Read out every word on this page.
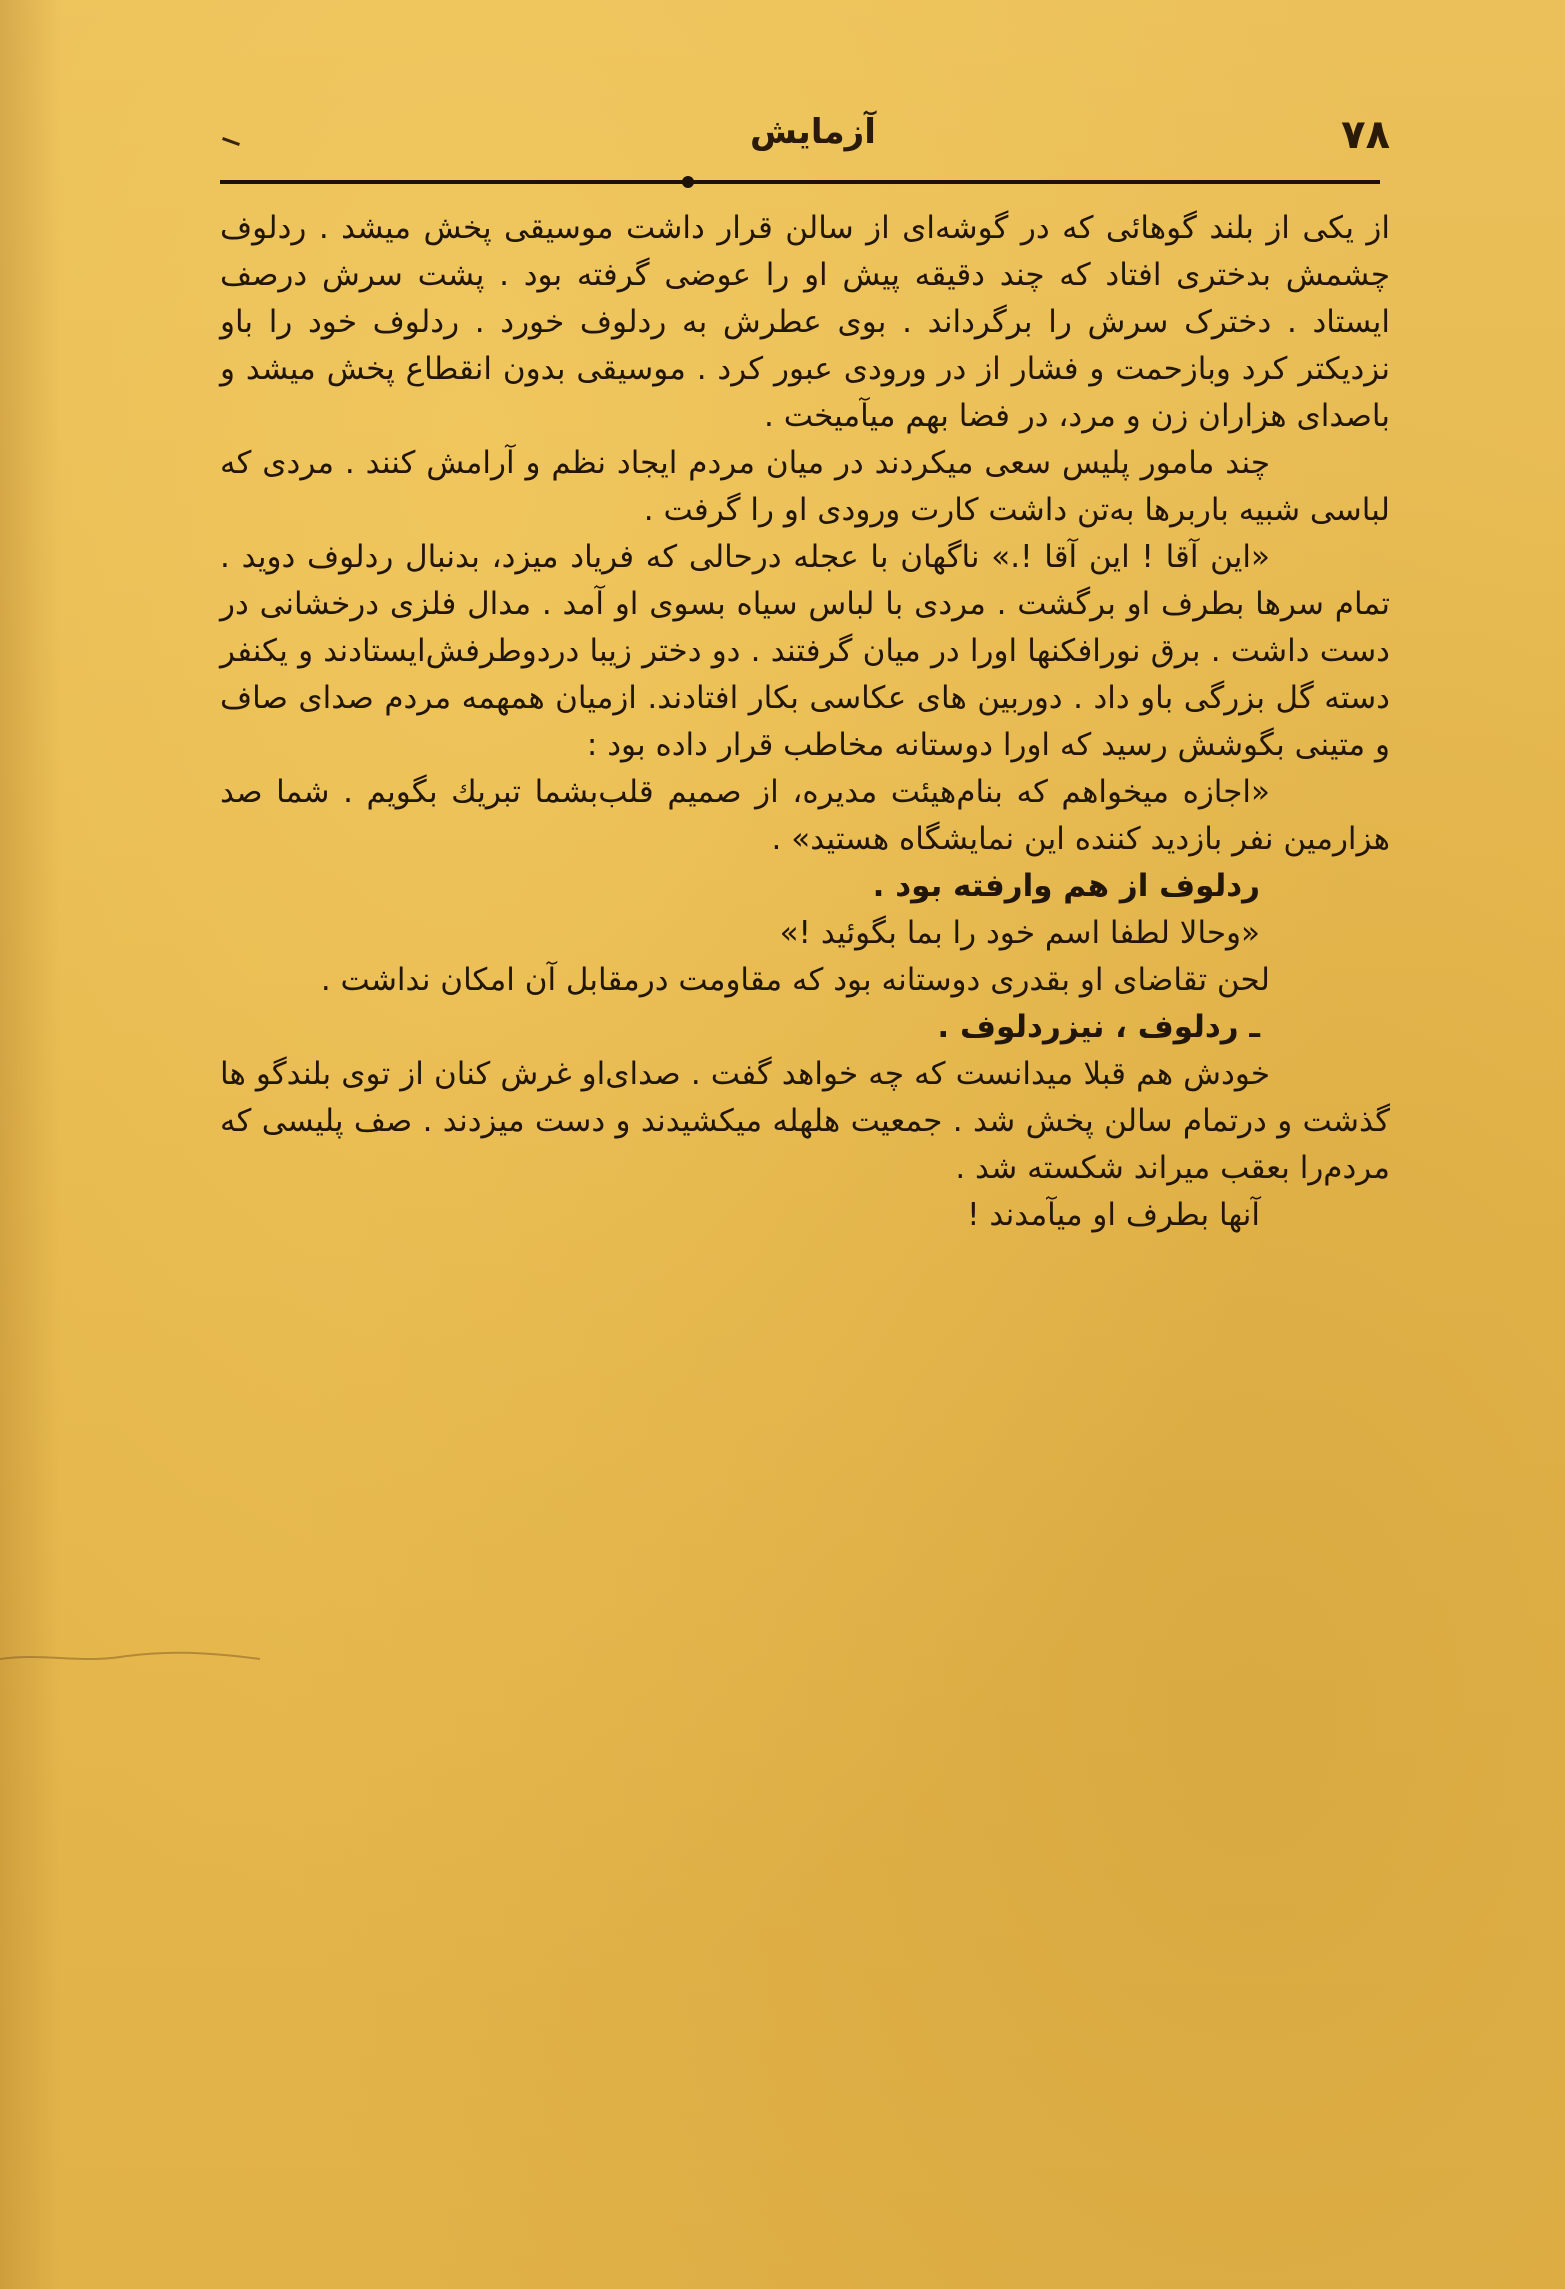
آزمایش	۷۸

از یکی از بلند گوهائی که در گوشه‌ای از سالن قرار داشت موسیقی پخش میشد . ردلوف چشمش بدختری افتاد که چند دقیقه پیش او را عوضی گرفته بود . پشت سرش درصف ایستاد . دخترک سرش را برگرداند . بوی عطرش به ردلوف خورد . ردلوف خود را باو نزدیکتر کرد وبازحمت و فشار از در ورودی عبور کرد . موسیقی بدون انقطاع پخش میشد و باصدای هزاران زن و مرد، در فضا بهم میآمیخت .

چند مامور پلیس سعی میکردند در میان مردم ایجاد نظم و آرامش کنند . مردی که لباسی شبیه باربرها به‌تن داشت کارت ورودی او را گرفت .

«این آقا ! این آقا !.» ناگهان با عجله درحالی که فریاد میزد، بدنبال ردلوف دوید . تمام سرها بطرف او برگشت . مردی با لباس سیاه بسوی او آمد . مدال فلزی درخشانی در دست داشت . برق نورافکنها اورا در میان گرفتند . دو دختر زیبا دردوطرفش‌ایستادند و یکنفر دسته گل بزرگی باو داد . دوربین های عکاسی بکار افتادند. ازمیان همهمه مردم صدای صاف و متینی بگوشش رسید که اورا دوستانه مخاطب قرار داده بود :

«اجازه میخواهم که بنام‌هیئت مدیره، از صمیم قلب‌بشما تبریك بگویم . شما صد هزارمین نفر بازدید کننده این نمایشگاه هستید» .

ردلوف از هم وارفته بود .

«وحالا لطفا اسم خود را بما بگوئید !»

لحن تقاضای او بقدری دوستانه بود که مقاومت درمقابل آن امکان نداشت .

ـ ردلوف ، نیزردلوف .

خودش هم قبلا میدانست که چه خواهد گفت . صدای‌او غرش کنان از توی بلندگو ها گذشت و درتمام سالن پخش شد . جمعیت هلهله میکشیدند و دست میزدند . صف پلیسی که مردم‌را بعقب میراند شکسته شد .

آنها بطرف او میآمدند !
